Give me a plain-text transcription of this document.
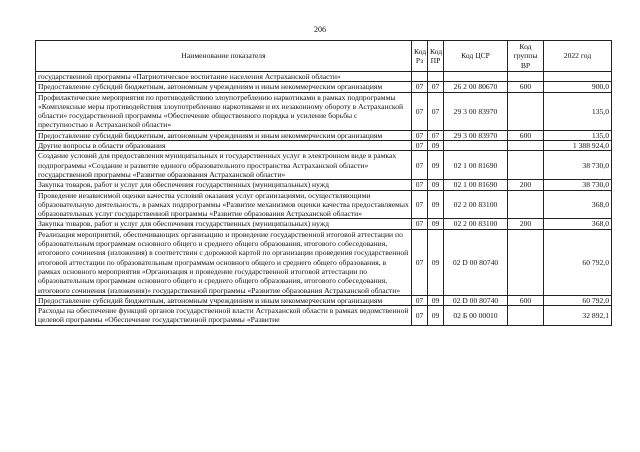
206
Наименование показателя	Код Рз	Код ПР	Код ЦСР	Код группы ВР	2022 год
государственной программы «Патриотическое воспитание населения Астраханской области»					
Предоставление субсидий бюджетным, автономным учреждениям и иным некоммерческим организациям	07	07	26 2 00 80670	600	900,0
Профилактические мероприятия по противодействию злоупотреблению наркотиками в рамках подпрограммы «Комплексные меры противодействия злоупотреблению наркотиками и их незаконному обороту в Астраханской области» государственной программы «Обеспечение общественного порядка и усиление борьбы с преступностью в Астраханской области»	07	07	29 3 00 83970		135,0
Предоставление субсидий бюджетным, автономным учреждениям и иным некоммерческим организациям	07	07	29 3 00 83970	600	135,0
Другие вопросы в области образования	07	09			1 388 924,0
Создание условий для предоставления муниципальных и государственных услуг в электронном виде в рамках подпрограммы «Создание и развитие единого образовательного пространства Астраханской области» государственной программы «Развитие образования Астраханской области»	07	09	02 1 00 81690		38 730,0
Закупка товаров, работ и услуг для обеспечения государственных (муниципальных) нужд	07	09	02 1 00 81690	200	38 730,0
Проведение независимой оценки качества условий оказания услуг организациями, осуществляющими образовательную деятельность, в рамках подпрограммы «Развитие механизмов оценки качества предоставляемых образовательных услуг государственной программы «Развитие образования Астраханской области»	07	09	02 2 00 83100		368,0
Закупка товаров, работ и услуг для обеспечения государственных (муниципальных) нужд	07	09	02 2 00 83100	200	368,0
Реализация мероприятий, обеспечивающих организацию и проведение государственной итоговой аттестации по образовательным программам основного общего и среднего общего образования, итогового собеседования, итогового сочинения (изложения) в соответствии с дорожной картой по организации проведения государственной итоговой аттестации по образовательным программам основного общего и среднего общего образования, в рамках основного мероприятия «Организация и проведение государственной итоговой аттестации по образовательным программам основного общего и среднего общего образования, итогового собеседования, итогового сочинения (изложения)» государственной программы «Развитие образования Астраханской области»	07	09	02 D 00 80740		60 792,0
Предоставление субсидий бюджетным, автономным учреждениям и иным некоммерческим организациям	07	09	02 D 00 80740	600	60 792,0
Расходы на обеспечение функций органов государственной власти Астраханской области в рамках ведомственной целевой программы «Обеспечение государственной программы «Развитие	07	09	02 Б 00 00010		32 892,1
